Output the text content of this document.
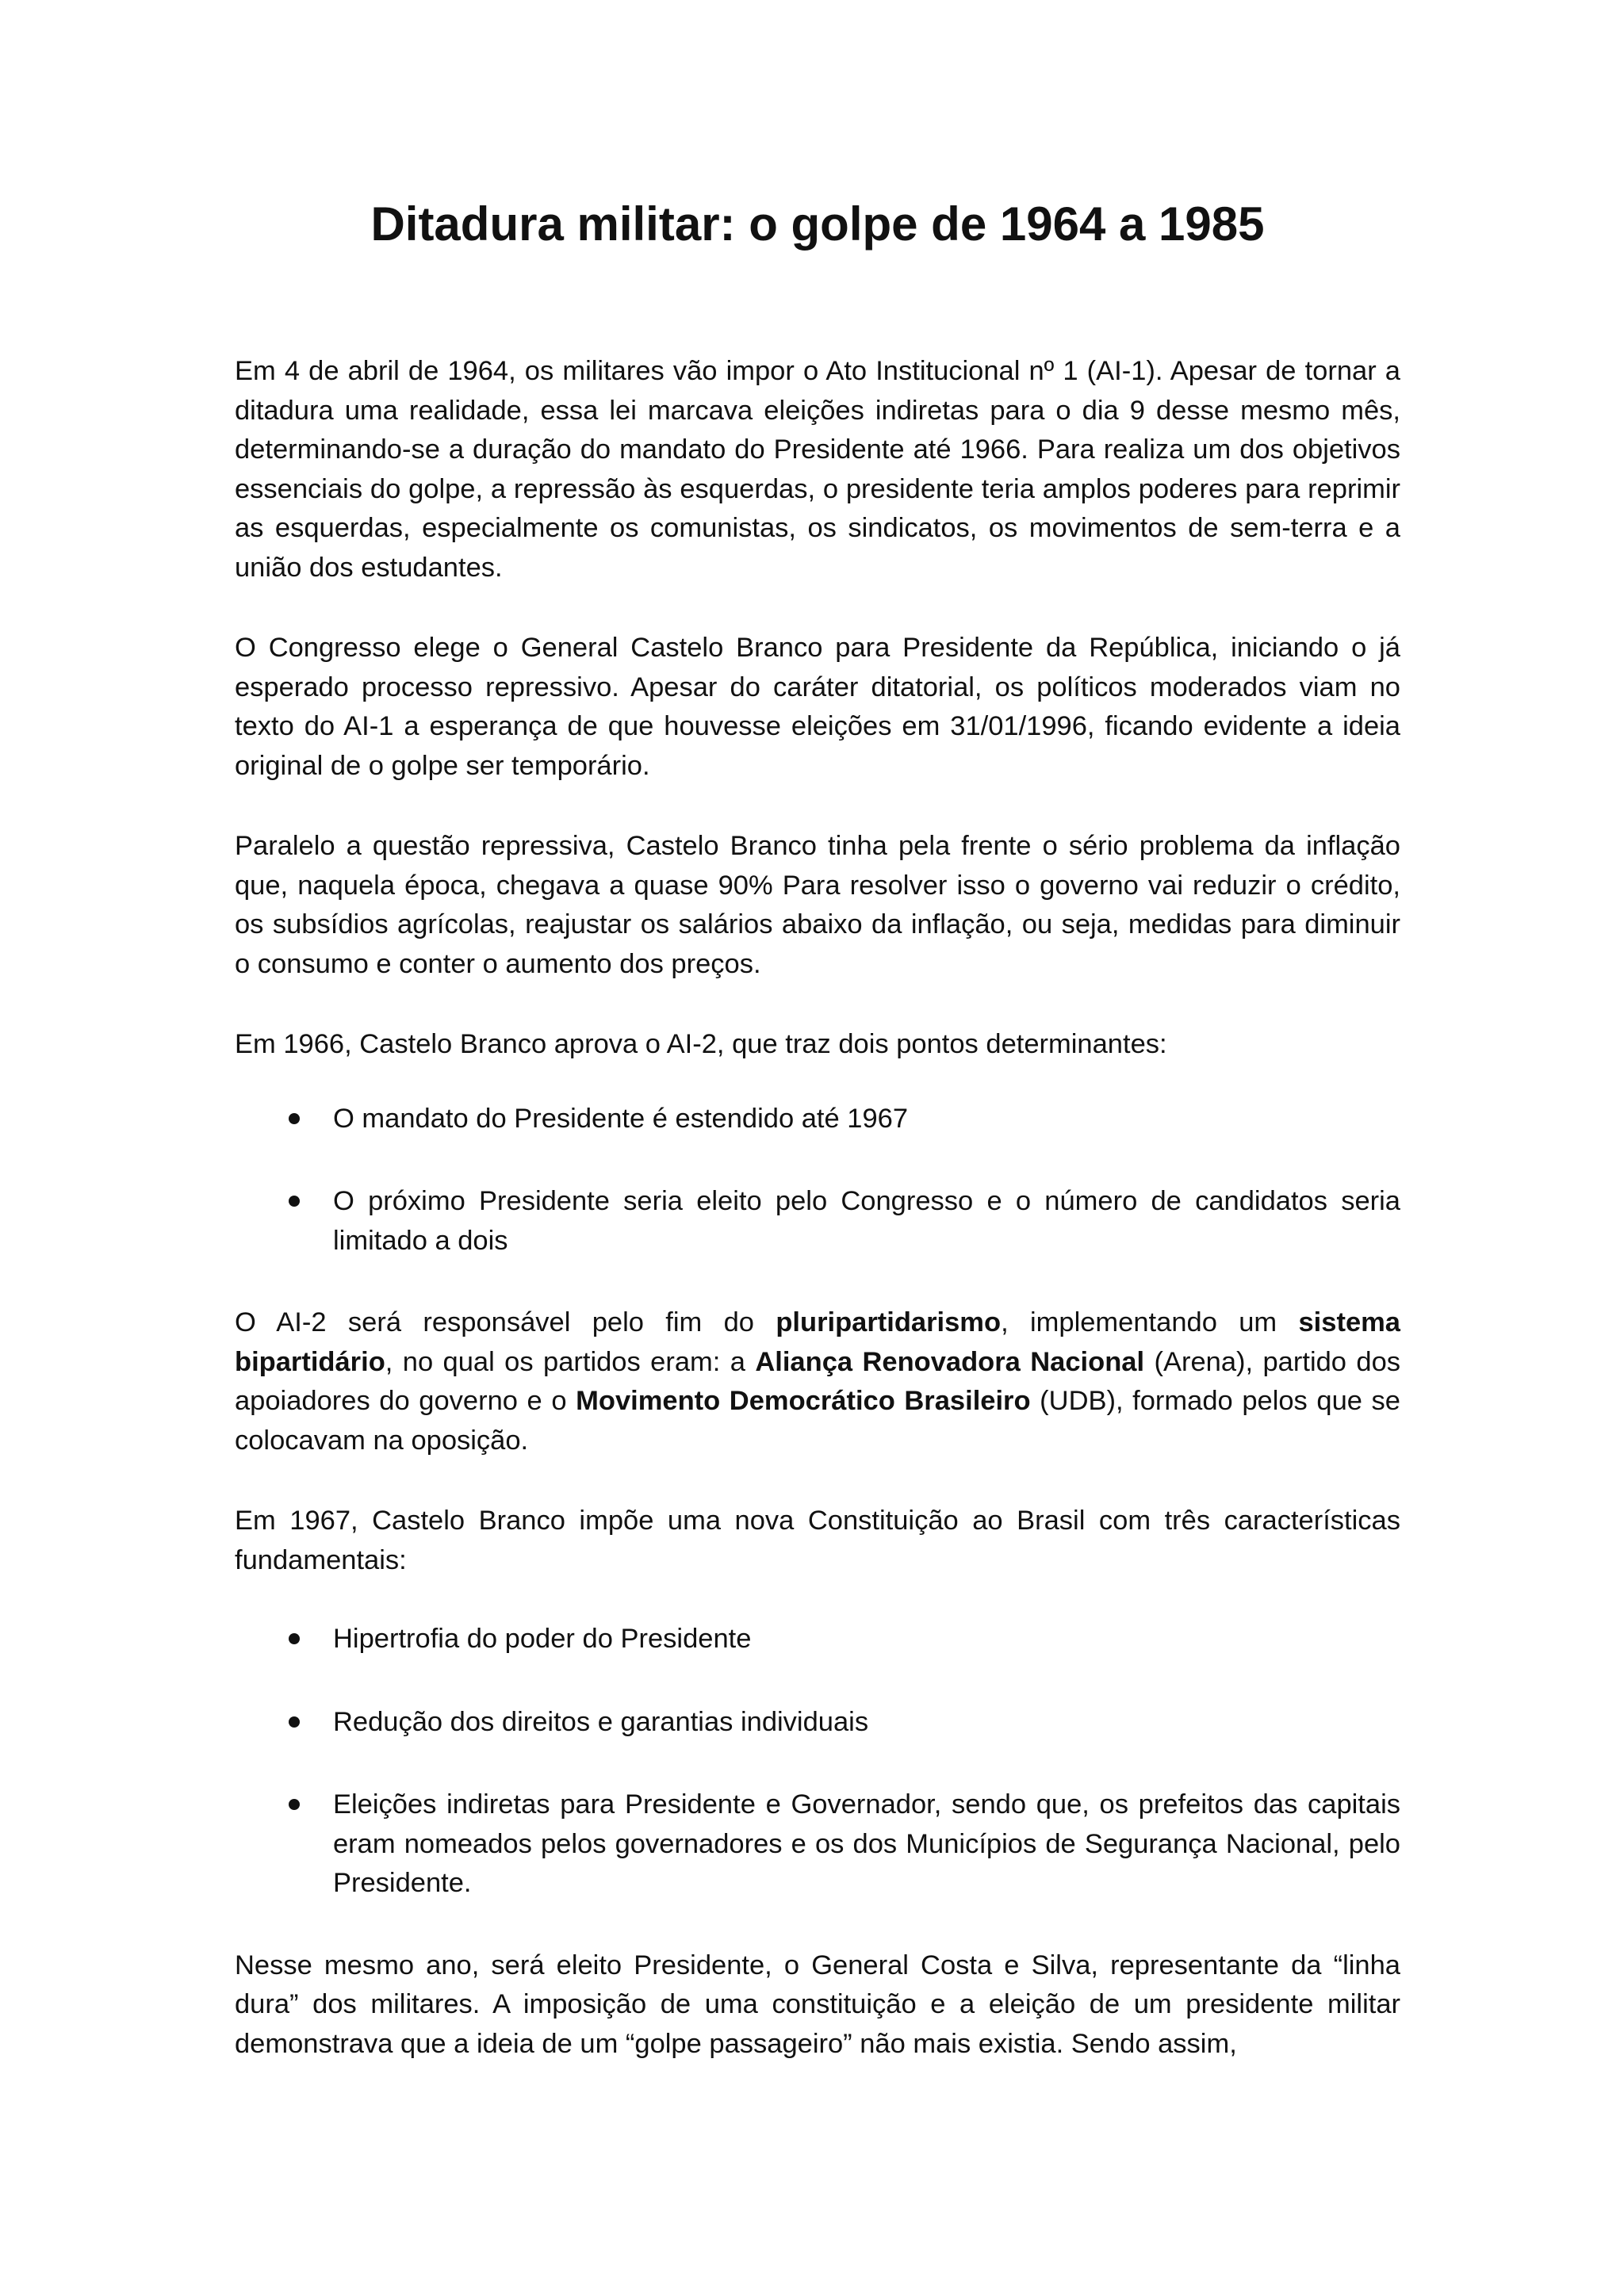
Ditadura militar: o golpe de 1964 a 1985

Em 4 de abril de 1964, os militares vão impor o Ato Institucional nº 1 (AI-1). Apesar de tornar a ditadura uma realidade, essa lei marcava eleições indiretas para o dia 9 desse mesmo mês, determinando-se a duração do mandato do Presidente até 1966. Para realiza um dos objetivos essenciais do golpe, a repressão às esquerdas, o presidente teria amplos poderes para reprimir as esquerdas, especialmente os comunistas, os sindicatos, os movimentos de sem-terra e a união dos estudantes.

O Congresso elege o General Castelo Branco para Presidente da República, iniciando o já esperado processo repressivo. Apesar do caráter ditatorial, os políticos moderados viam no texto do AI-1 a esperança de que houvesse eleições em 31/01/1996, ficando evidente a ideia original de o golpe ser temporário.

Paralelo a questão repressiva, Castelo Branco tinha pela frente o sério problema da inflação que, naquela época, chegava a quase 90% Para resolver isso o governo vai reduzir o crédito, os subsídios agrícolas, reajustar os salários abaixo da inflação, ou seja, medidas para diminuir o consumo e conter o aumento dos preços.

Em 1966, Castelo Branco aprova o AI-2, que traz dois pontos determinantes:

O mandato do Presidente é estendido até 1967
O próximo Presidente seria eleito pelo Congresso e o número de candidatos seria limitado a dois

O AI-2 será responsável pelo fim do pluripartidarismo, implementando um sistema bipartidário, no qual os partidos eram: a Aliança Renovadora Nacional (Arena), partido dos apoiadores do governo e o Movimento Democrático Brasileiro (UDB), formado pelos que se colocavam na oposição.

Em 1967, Castelo Branco impõe uma nova Constituição ao Brasil com três características fundamentais:

Hipertrofia do poder do Presidente
Redução dos direitos e garantias individuais
Eleições indiretas para Presidente e Governador, sendo que, os prefeitos das capitais eram nomeados pelos governadores e os dos Municípios de Segurança Nacional, pelo Presidente.

Nesse mesmo ano, será eleito Presidente, o General Costa e Silva, representante da “linha dura” dos militares. A imposição de uma constituição e a eleição de um presidente militar demonstrava que a ideia de um “golpe passageiro” não mais existia. Sendo assim,
